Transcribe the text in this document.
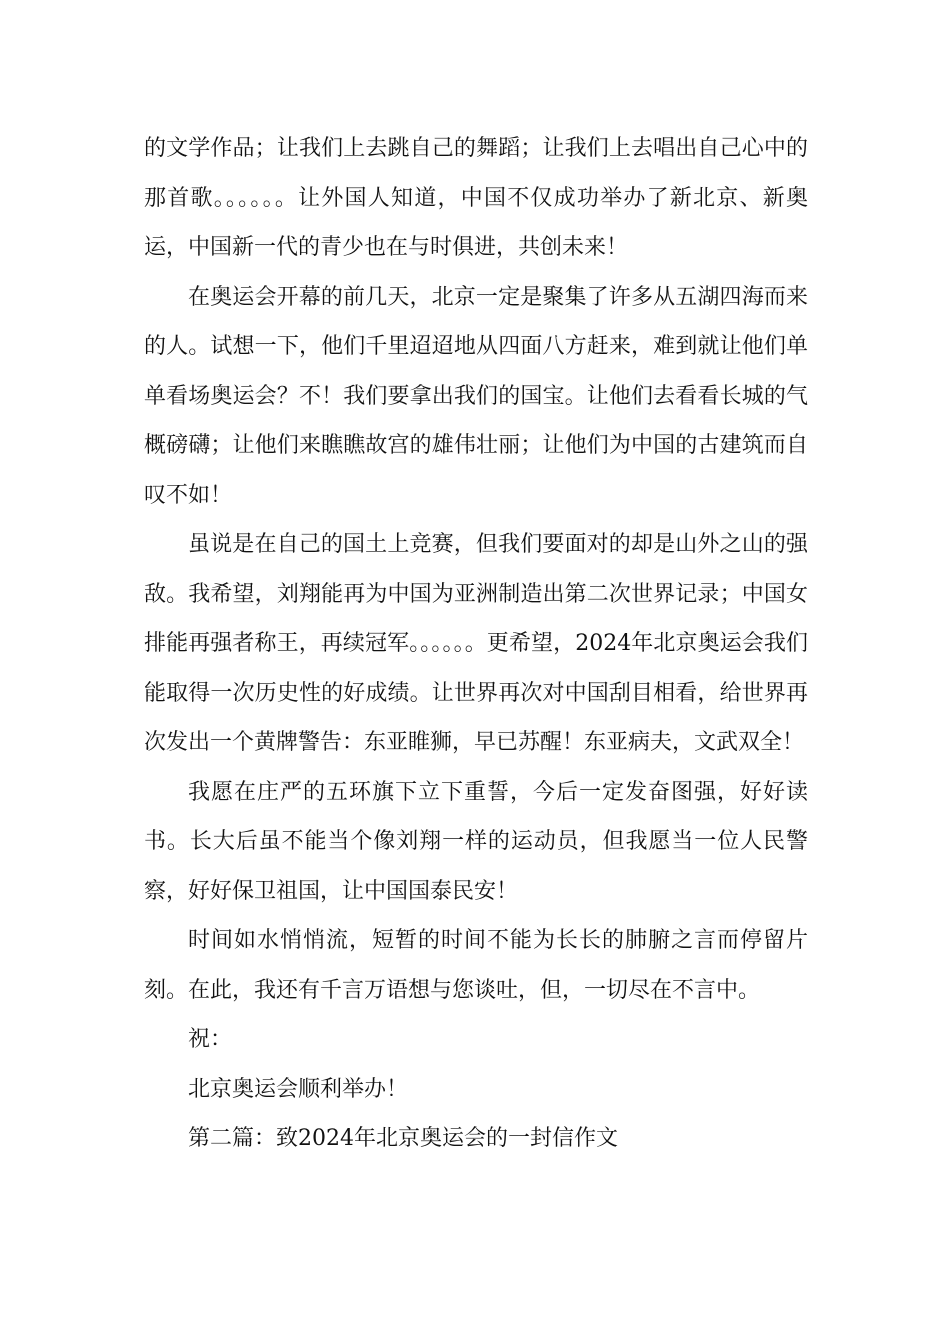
的文学作品；让我们上去跳自己的舞蹈；让我们上去唱出自己心中的那首歌。。。。。。让外国人知道，中国不仅成功举办了新北京、新奥运，中国新一代的青少也在与时俱进，共创未来！

在奥运会开幕的前几天，北京一定是聚集了许多从五湖四海而来的人。试想一下，他们千里迢迢地从四面八方赶来，难到就让他们单单看场奥运会？不！我们要拿出我们的国宝。让他们去看看长城的气概磅礴；让他们来瞧瞧故宫的雄伟壮丽；让他们为中国的古建筑而自叹不如！

虽说是在自己的国土上竞赛，但我们要面对的却是山外之山的强敌。我希望，刘翔能再为中国为亚洲制造出第二次世界记录；中国女排能再强者称王，再续冠军。。。。。。更希望，2024年北京奥运会我们能取得一次历史性的好成绩。让世界再次对中国刮目相看，给世界再次发出一个黄牌警告：东亚睢狮，早已苏醒！东亚病夫，文武双全！

我愿在庄严的五环旗下立下重誓，今后一定发奋图强，好好读书。长大后虽不能当个像刘翔一样的运动员，但我愿当一位人民警察，好好保卫祖国，让中国国泰民安！

时间如水悄悄流，短暂的时间不能为长长的肺腑之言而停留片刻。在此，我还有千言万语想与您谈吐，但，一切尽在不言中。

祝：

北京奥运会顺利举办！

第二篇：致2024年北京奥运会的一封信作文
